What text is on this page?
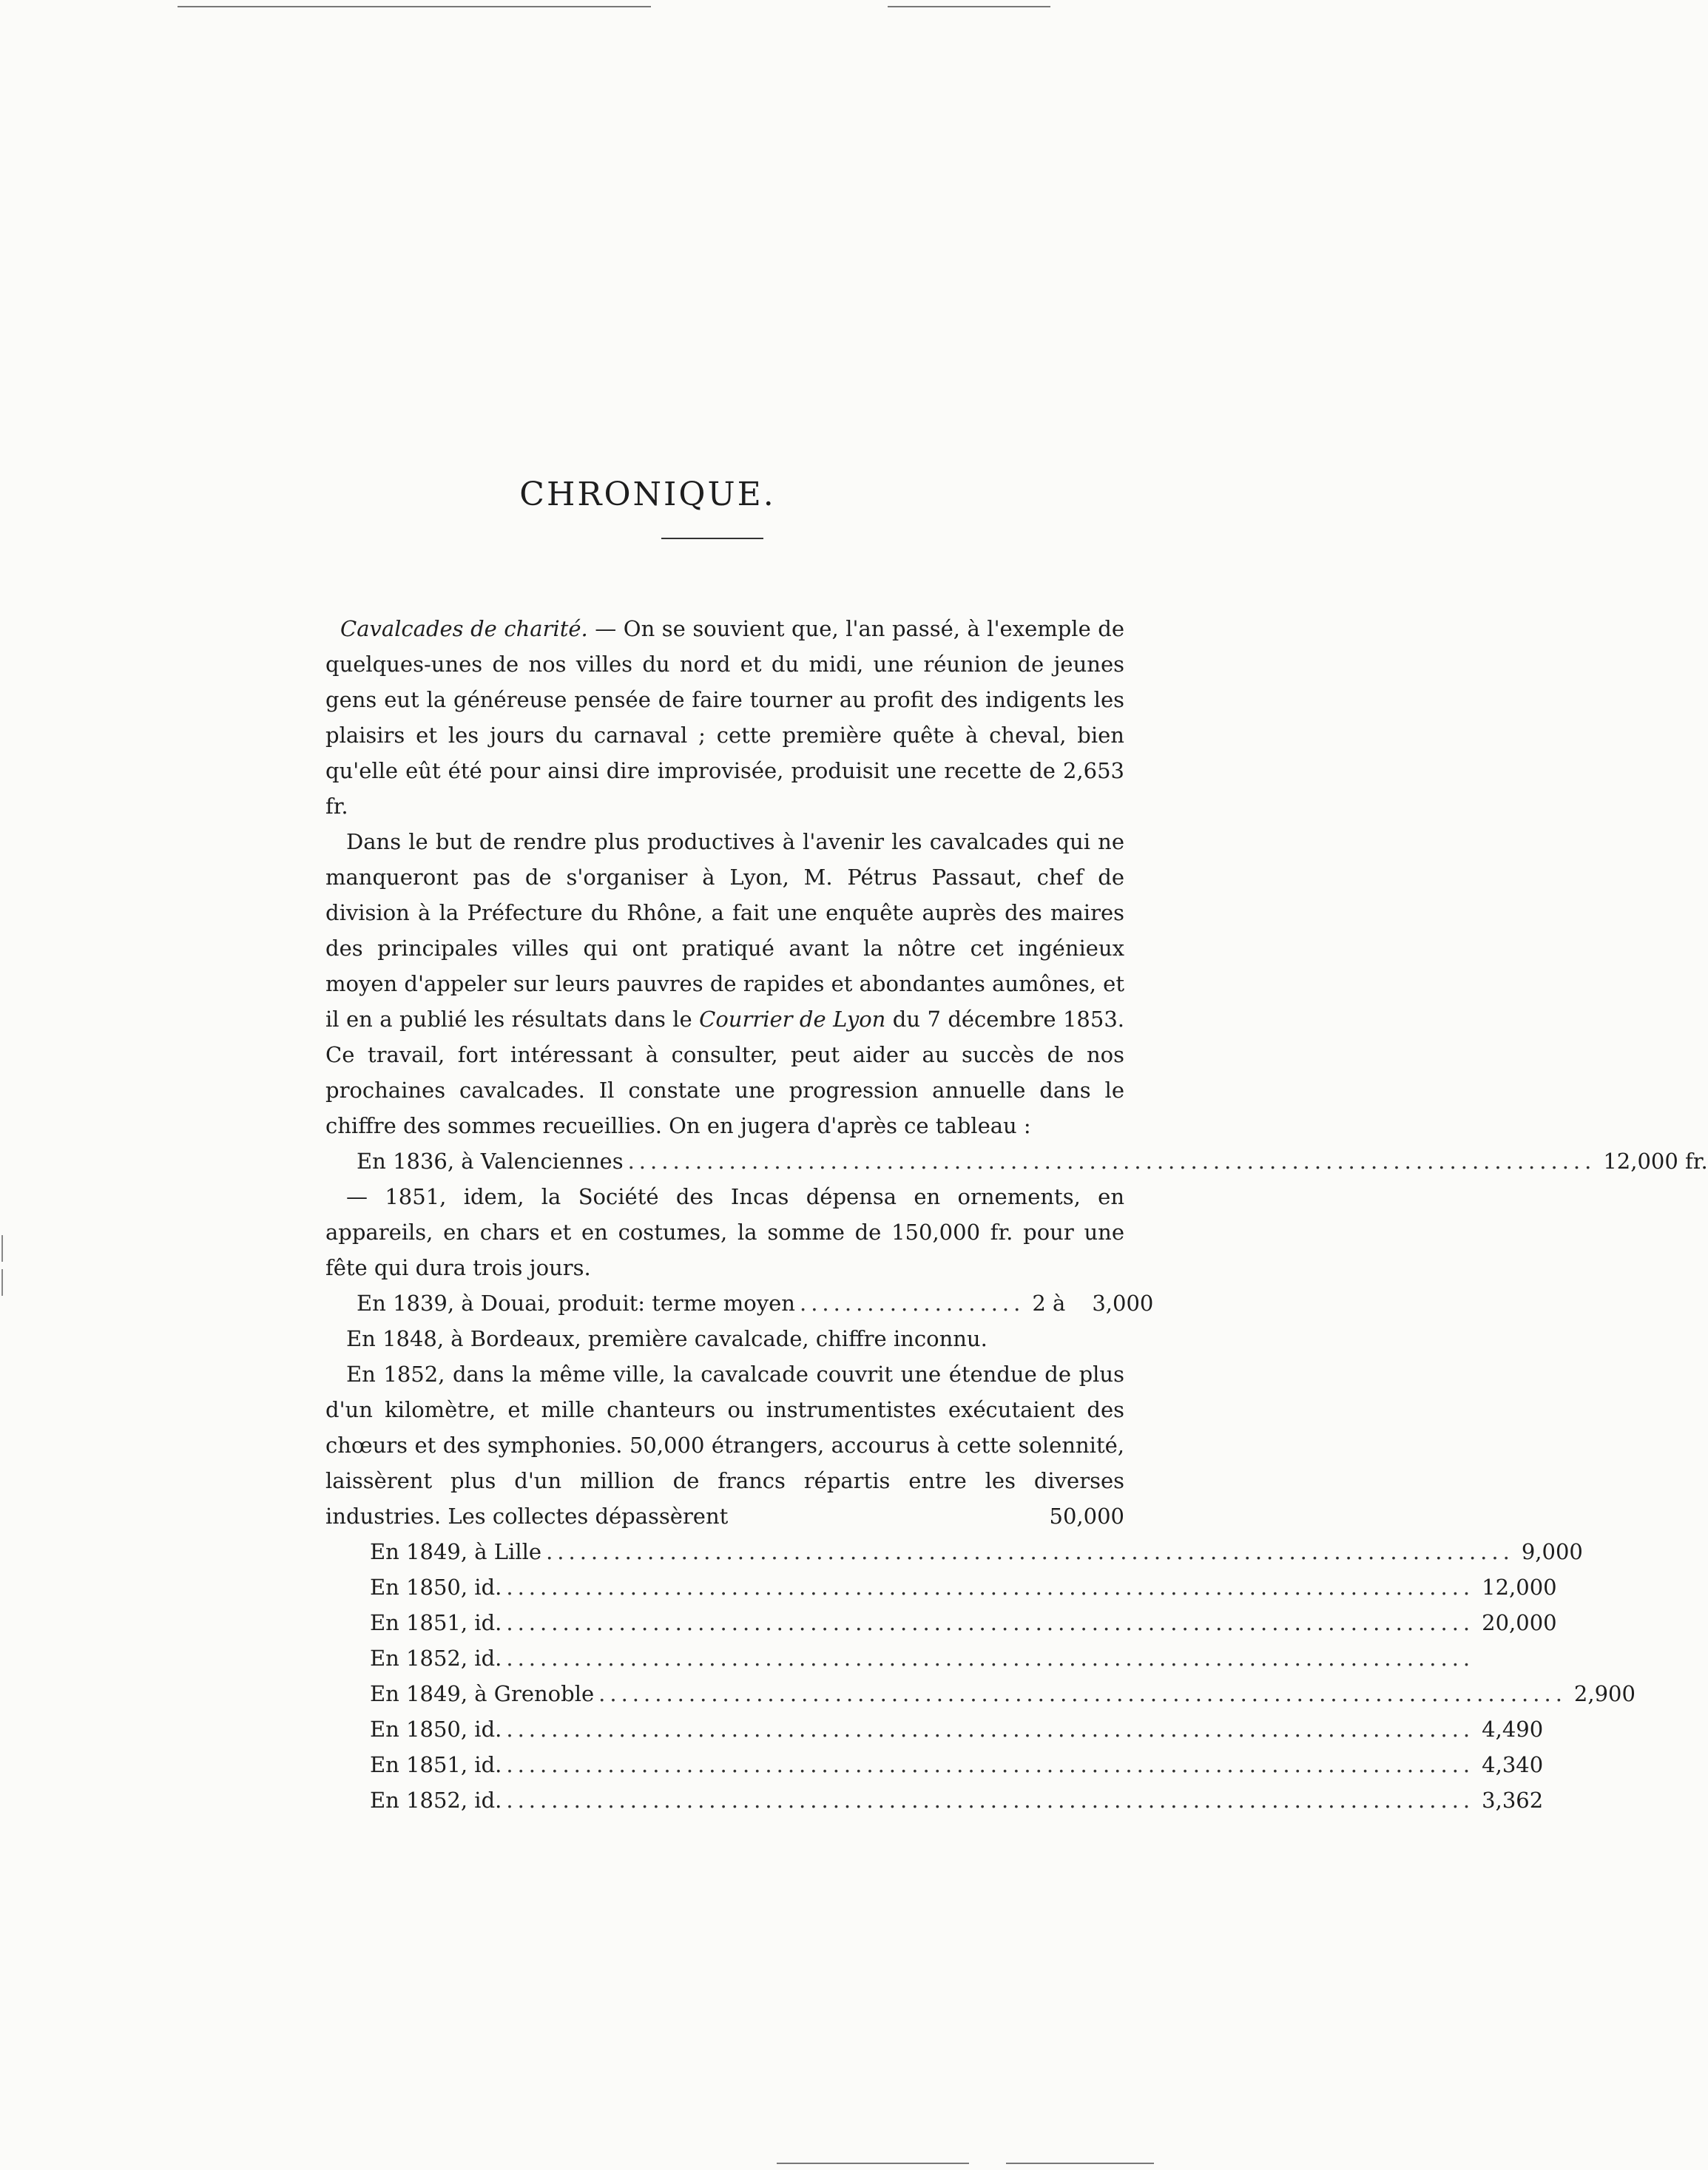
CHRONIQUE.

Cavalcades de charité. — On se souvient que, l'an passé, à l'exemple de quelques-unes de nos villes du nord et du midi, une réunion de jeunes gens eut la généreuse pensée de faire tourner au profit des indigents les plaisirs et les jours du carnaval ; cette première quête à cheval, bien qu'elle eût été pour ainsi dire improvisée, produisit une recette de 2,653 fr.

Dans le but de rendre plus productives à l'avenir les cavalcades qui ne manqueront pas de s'organiser à Lyon, M. Pétrus Passaut, chef de division à la Préfecture du Rhône, a fait une enquête auprès des maires des principales villes qui ont pratiqué avant la nôtre cet ingénieux moyen d'appeler sur leurs pauvres de rapides et abondantes aumônes, et il en a publié les résultats dans le Courrier de Lyon du 7 décembre 1853. Ce travail, fort intéressant à consulter, peut aider au succès de nos prochaines cavalcades. Il constate une progression annuelle dans le chiffre des sommes recueillies. On en jugera d'après ce tableau :

En 1836, à Valenciennes ...................................................................................... 12,000 fr.

— 1851, idem, la Société des Incas dépensa en ornements, en appareils, en chars et en costumes, la somme de 150,000 fr. pour une fête qui dura trois jours.

En 1839, à Douai, produit: terme moyen .................... 2 à	3,000

En 1848, à Bordeaux, première cavalcade, chiffre inconnu.

En 1852, dans la même ville, la cavalcade couvrit une étendue de plus d'un kilomètre, et mille chanteurs ou instrumentistes exécutaient des chœurs et des symphonies. 50,000 étrangers, accourus à cette solennité, laissèrent plus d'un million de francs répartis entre les diverses industries. Les collectes dépassèrent	50,000

En 1849, à Lille ...................................................................................... 9,000
En 1850, id. ...................................................................................... 12,000
En 1851, id. ...................................................................................... 20,000
En 1852, id. ......................................................................................
En 1849, à Grenoble ...................................................................................... 2,900
En 1850, id. ...................................................................................... 4,490
En 1851, id. ...................................................................................... 4,340
En 1852, id. ...................................................................................... 3,362
